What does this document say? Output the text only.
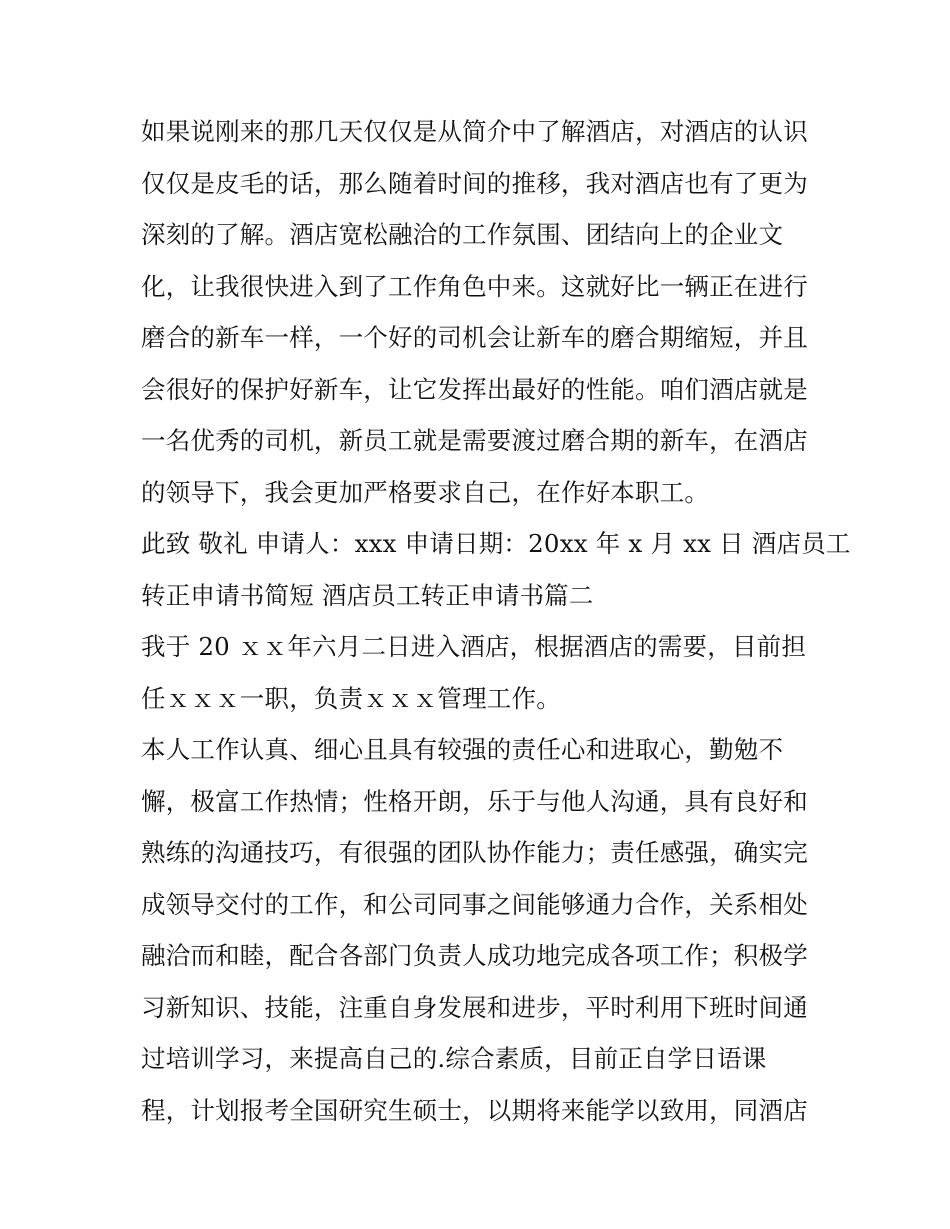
如果说刚来的那几天仅仅是从简介中了解酒店，对酒店的认识
仅仅是皮毛的话，那么随着时间的推移，我对酒店也有了更为
深刻的了解。酒店宽松融洽的工作氛围、团结向上的企业文
化，让我很快进入到了工作角色中来。这就好比一辆正在进行
磨合的新车一样，一个好的司机会让新车的磨合期缩短，并且
会很好的保护好新车，让它发挥出最好的性能。咱们酒店就是
一名优秀的司机，新员工就是需要渡过磨合期的新车，在酒店
的领导下，我会更加严格要求自己，在作好本职工。
此致 敬礼 申请人：xxx 申请日期：20xx 年 x 月 xx 日 酒店员工
转正申请书简短 酒店员工转正申请书篇二
我于 20 ｘｘ年六月二日进入酒店，根据酒店的需要，目前担
任ｘｘｘ一职，负责ｘｘｘ管理工作。
本人工作认真、细心且具有较强的责任心和进取心，勤勉不
懈，极富工作热情；性格开朗，乐于与他人沟通，具有良好和
熟练的沟通技巧，有很强的团队协作能力；责任感强，确实完
成领导交付的工作，和公司同事之间能够通力合作，关系相处
融洽而和睦，配合各部门负责人成功地完成各项工作；积极学
习新知识、技能，注重自身发展和进步，平时利用下班时间通
过培训学习，来提高自己的.综合素质，目前正自学日语课
程，计划报考全国研究生硕士，以期将来能学以致用，同酒店
